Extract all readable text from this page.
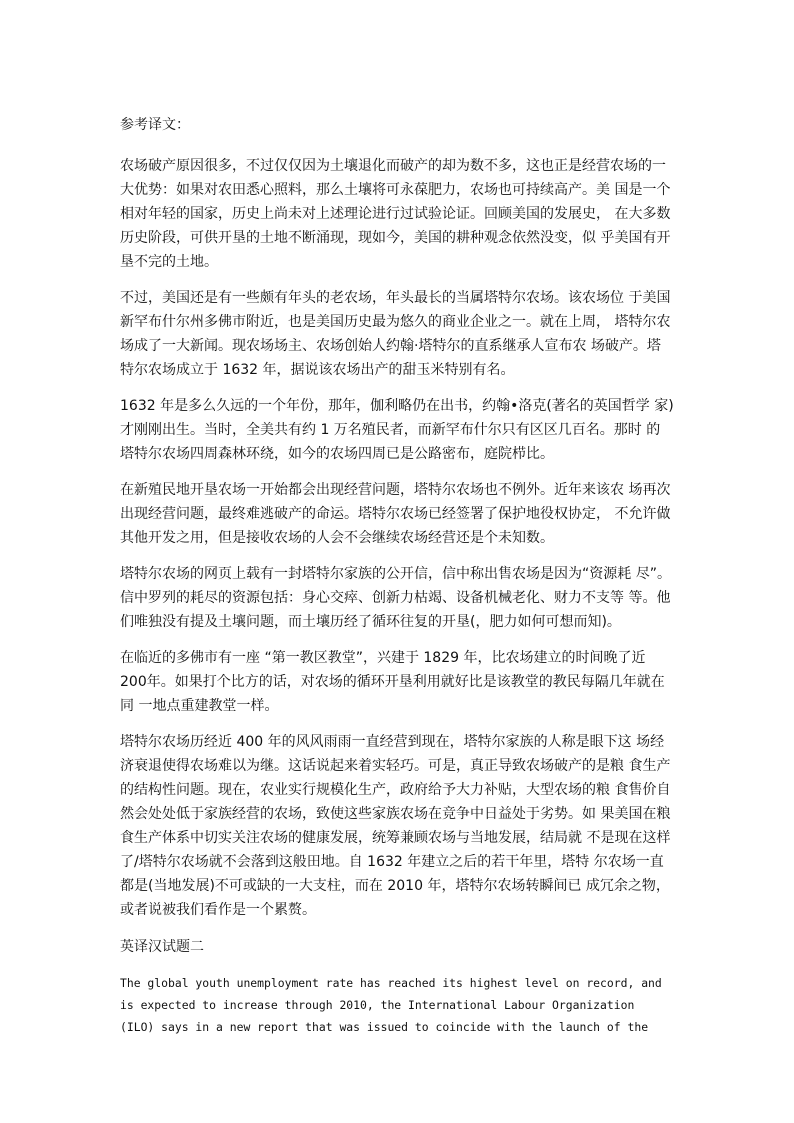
参考译文：

农场破产原因很多，不过仅仅因为土壤退化而破产的却为数不多，这也正是经营农场的一
大优势：如果对农田悉心照料，那么土壤将可永葆肥力，农场也可持续高产。美 国是一个
相对年轻的国家，历史上尚未对上述理论进行过试验论证。回顾美国的发展史， 在大多数
历史阶段，可供开垦的土地不断涌现，现如今，美国的耕种观念依然没变，似 乎美国有开
垦不完的土地。

不过，美国还是有一些颇有年头的老农场，年头最长的当属塔特尔农场。该农场位 于美国
新罕布什尔州多佛市附近，也是美国历史最为悠久的商业企业之一。就在上周， 塔特尔农
场成了一大新闻。现农场场主、农场创始人约翰·塔特尔的直系继承人宣布农 场破产。塔
特尔农场成立于 1632 年，据说该农场出产的甜玉米特别有名。

1632 年是多么久远的一个年份，那年，伽利略仍在出书，约翰•洛克(著名的英国哲学 家)
才刚刚出生。当时，全美共有约 1 万名殖民者，而新罕布什尔只有区区几百名。那时 的
塔特尔农场四周森林环绕，如今的农场四周已是公路密布，庭院栉比。

在新殖民地开垦农场一开始都会出现经营问题，塔特尔农场也不例外。近年来该农 场再次
出现经营问题，最终难逃破产的命运。塔特尔农场已经签署了保护地役权协定， 不允许做
其他开发之用，但是接收农场的人会不会继续农场经营还是个未知数。

塔特尔农场的网页上载有一封塔特尔家族的公开信，信中称出售农场是因为“资源耗 尽”。
信中罗列的耗尽的资源包括：身心交瘁、创新力枯竭、设备机械老化、财力不支等 等。他
们唯独没有提及土壤问题，而土壤历经了循环往复的开垦(，肥力如何可想而知)。

在临近的多佛市有一座 “第一教区教堂”，兴建于 1829 年，比农场建立的时间晚了近
200年。如果打个比方的话，对农场的循环开垦利用就好比是该教堂的教民每隔几年就在
同 一地点重建教堂一样。

塔特尔农场历经近 400 年的风风雨雨一直经营到现在，塔特尔家族的人称是眼下这 场经
济衰退使得农场难以为继。这话说起来着实轻巧。可是，真正导致农场破产的是粮 食生产
的结构性问题。现在，农业实行规模化生产，政府给予大力补贴，大型农场的粮 食售价自
然会处处低于家族经营的农场，致使这些家族农场在竞争中日益处于劣势。如 果美国在粮
食生产体系中切实关注农场的健康发展，统筹兼顾农场与当地发展，结局就 不是现在这样
了/塔特尔农场就不会落到这般田地。自 1632 年建立之后的若干年里，塔特 尔农场一直
都是(当地发展)不可或缺的一大支柱，而在 2010 年，塔特尔农场转瞬间已 成冗余之物，
或者说被我们看作是一个累赘。

英译汉试题二
The global youth unemployment rate has reached its highest level on record, and
is expected to increase through 2010, the International Labour Organization
(ILO) says in a new report that was issued to coincide with the launch of the
